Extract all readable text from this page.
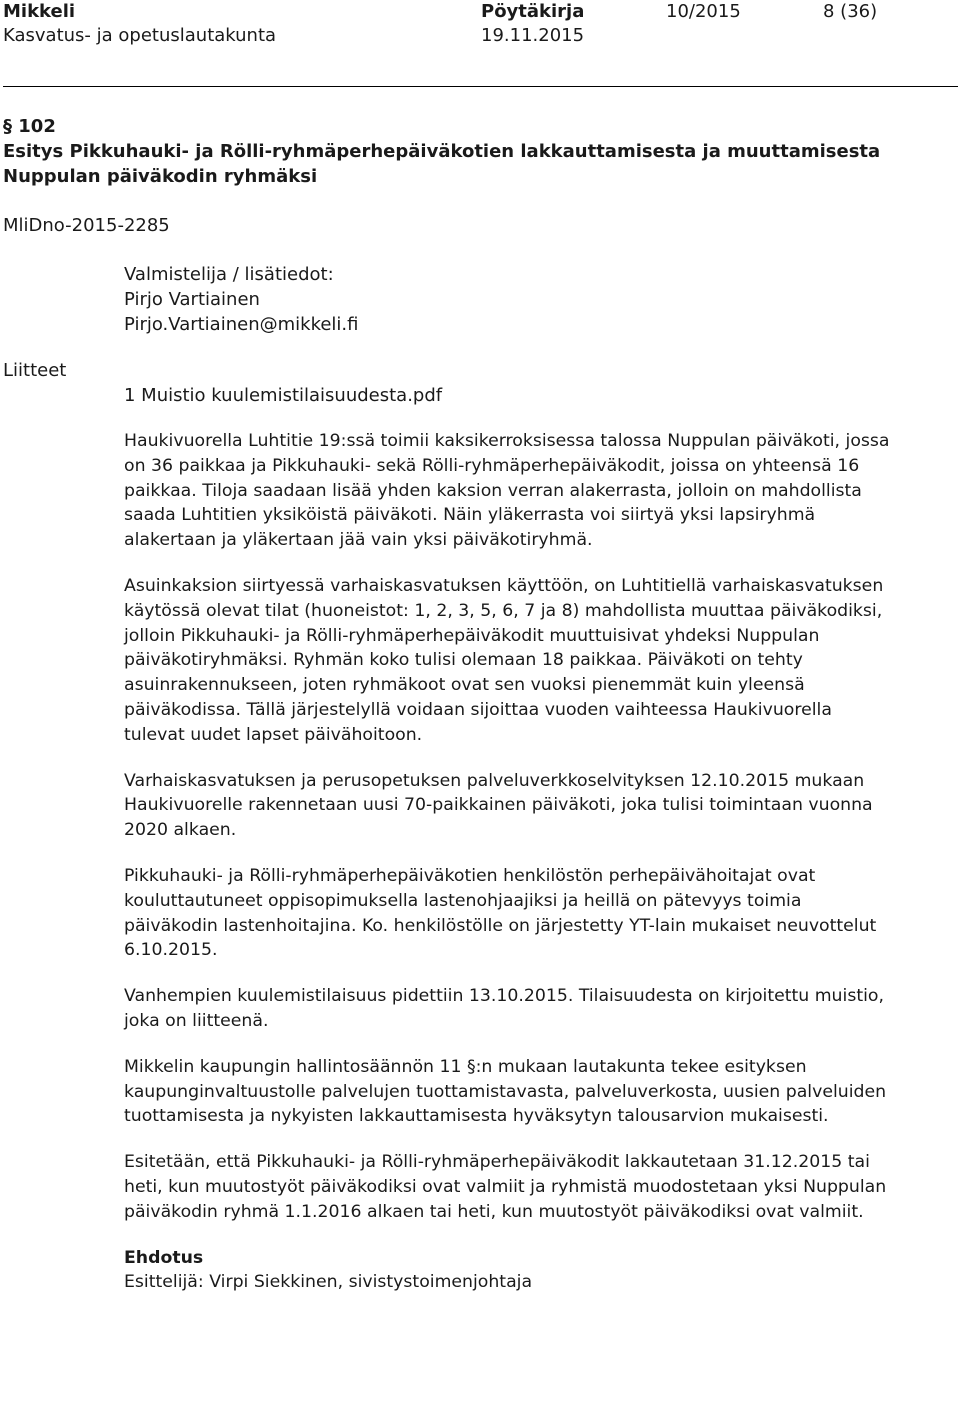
Mikkeli
Kasvatus- ja opetuslautakunta
Pöytäkirja
19.11.2015
10/2015	8 (36)
§ 102
Esitys Pikkuhauki- ja Rölli-ryhmäperhepäiväkotien lakkauttamisesta ja muuttamisesta Nuppulan päiväkodin ryhmäksi
MliDno-2015-2285
Valmistelija / lisätiedot:
Pirjo Vartiainen
Pirjo.Vartiainen@mikkeli.fi
Liitteet
1 Muistio kuulemistilaisuudesta.pdf

Haukivuorella Luhtitie 19:ssä toimii kaksikerroksisessa talossa Nuppulan päiväkoti, jossa on 36 paikkaa ja Pikkuhauki- sekä Rölli-ryhmäperhepäiväkodit, joissa on yhteensä 16 paikkaa. Tiloja saadaan lisää yhden kaksion verran alakerrasta, jolloin on mahdollista saada Luhtitien yksiköistä päiväkoti. Näin yläkerrasta voi siirtyä yksi lapsiryhmä alakertaan ja yläkertaan jää vain yksi päiväkotiryhmä.

Asuinkaksion siirtyessä varhaiskasvatuksen käyttöön, on Luhtitiellä varhaiskasvatuksen käytössä olevat tilat (huoneistot: 1, 2, 3, 5, 6, 7 ja 8) mahdollista muuttaa päiväkodiksi, jolloin Pikkuhauki- ja Rölli-ryhmäperhepäiväkodit muuttuisivat yhdeksi Nuppulan päiväkotiryhmäksi. Ryhmän koko tulisi olemaan 18 paikkaa. Päiväkoti on tehty asuinrakennukseen, joten ryhmäkoot ovat sen vuoksi pienemmät kuin yleensä päiväkodissa. Tällä järjestelyllä voidaan sijoittaa vuoden vaihteessa Haukivuorella tulevat uudet lapset päivähoitoon.

Varhaiskasvatuksen ja perusopetuksen palveluverkkoselvityksen 12.10.2015 mukaan Haukivuorelle rakennetaan uusi 70-paikkainen päiväkoti, joka tulisi toimintaan vuonna 2020 alkaen.

Pikkuhauki- ja Rölli-ryhmäperhepäiväkotien henkilöstön perhepäivähoitajat ovat kouluttautuneet oppisopimuksella lastenohjaajiksi ja heillä on pätevyys toimia päiväkodin lastenhoitajina. Ko. henkilöstölle on järjestetty YT-lain mukaiset neuvottelut 6.10.2015.

Vanhempien kuulemistilaisuus pidettiin 13.10.2015. Tilaisuudesta on kirjoitettu muistio, joka on liitteenä.

Mikkelin kaupungin hallintosäännön 11 §:n mukaan lautakunta tekee esityksen kaupunginvaltuustolle palvelujen tuottamistavasta, palveluverkosta, uusien palveluiden tuottamisesta ja nykyisten lakkauttamisesta hyväksytyn talousarvion mukaisesti.

Esitetään, että Pikkuhauki- ja Rölli-ryhmäperhepäiväkodit lakkautetaan 31.12.2015 tai heti, kun muutostyöt päiväkodiksi ovat valmiit ja ryhmistä muodostetaan yksi Nuppulan päiväkodin ryhmä 1.1.2016 alkaen tai heti, kun muutostyöt päiväkodiksi ovat valmiit.

Ehdotus

Esittelijä: Virpi Siekkinen, sivistystoimenjohtaja
